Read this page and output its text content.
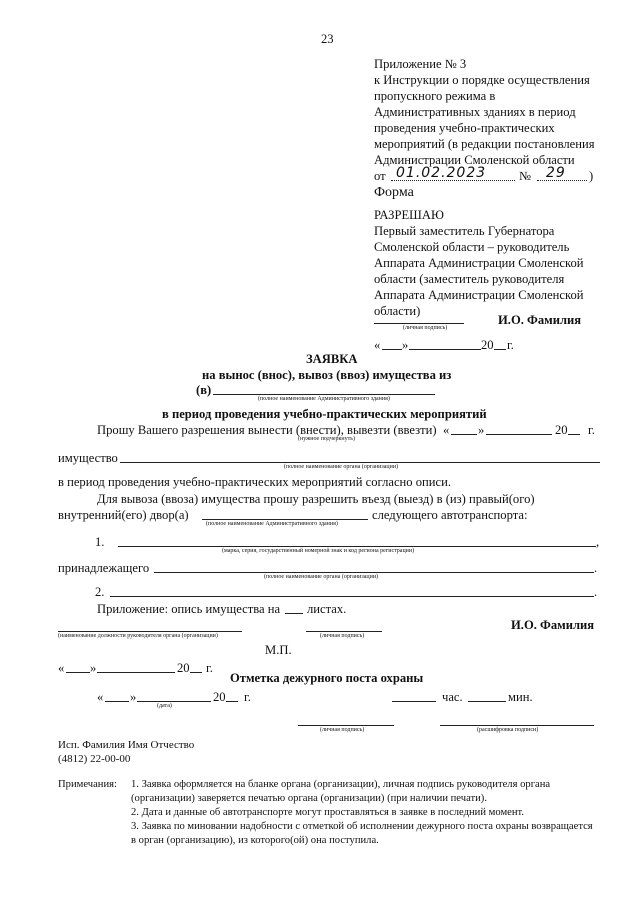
23
Приложение № 3
к Инструкции о порядке осуществления
пропускного режима в
Административных зданиях в период
проведения учебно-практических
мероприятий (в редакции постановления
Администрации Смоленской области
от 01.02.2023	№ 29 )
Форма
РАЗРЕШАЮ
Первый заместитель Губернатора
Смоленской области – руководитель
Аппарата Администрации Смоленской
области (заместитель руководителя
Аппарата Администрации Смоленской
области)
(личная подпись)
И.О. Фамилия
« »	20 г.
ЗАЯВКА
на вынос (внос), вывоз (ввоз) имущества из
(в)
(полное наименование Административного здания)
в период проведения учебно-практических мероприятий
Прошу Вашего разрешения вынести (внести), вывезти (ввезти) « »	20 г.
(нужное подчеркнуть)
имущество
(полное наименование органа (организации)
в период проведения учебно-практических мероприятий согласно описи.
Для вывоза (ввоза) имущества прошу разрешить въезд (выезд) в (из) правый(ого)
внутренний(его) двор(а)	следующего автотранспорта:
(полное наименование Административного здания)
1.	,
(марка, серия, государственный номерной знак и код региона регистрации)
принадлежащего	.
(полное наименование органа (организации)
2.	.
Приложение: опись имущества на листах.
(наименование должности руководителя органа (организации)	(личная подпись)
И.О. Фамилия
М.П.
« »	20 г.
Отметка дежурного поста охраны
« »	20 г.
(дата)
час.	мин.
(личная подпись)	(расшифровка подписи)
Исп. Фамилия Имя Отчество
(4812) 22-00-00
Примечания: 1. Заявка оформляется на бланке органа (организации), личная подпись руководителя органа
(организации) заверяется печатью органа (организации) (при наличии печати).
2. Дата и данные об автотранспорте могут проставляться в заявке в последний момент.
3. Заявка по миновании надобности с отметкой об исполнении дежурного поста охраны возвращается
в орган (организацию), из которого(ой) она поступила.
